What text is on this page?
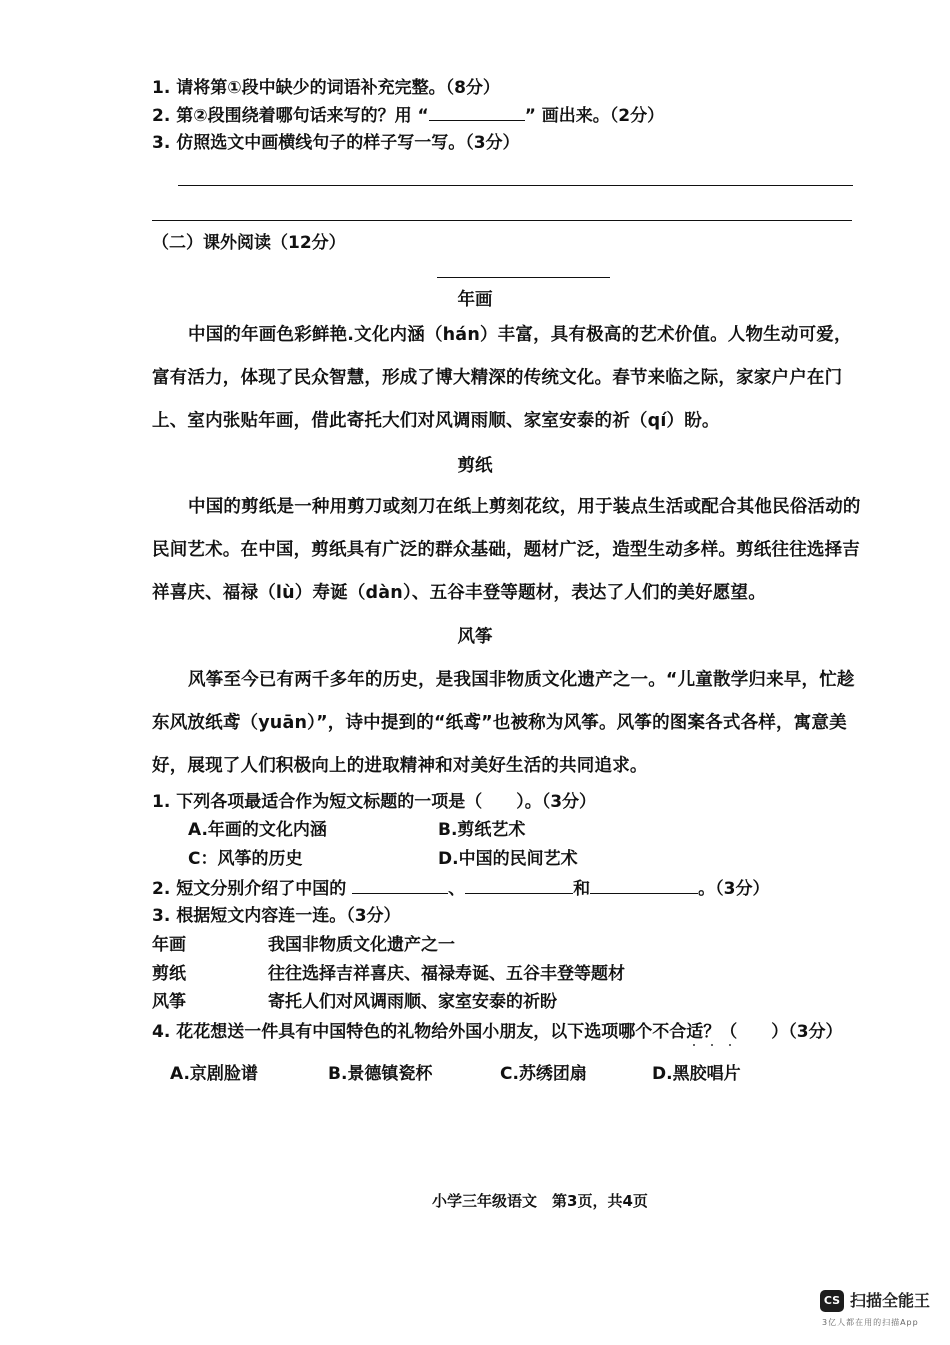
1. 请将第①段中缺少的词语补充完整。（8分）
2. 第②段围绕着哪句话来写的？用 “	” 画出来。（2分）
3. 仿照选文中画横线句子的样子写一写。（3分）
（二）课外阅读（12分）
年画
中国的年画色彩鲜艳.文化内涵（hán）丰富，具有极高的艺术价值。人物生动可爱，富有活力，体现了民众智慧，形成了博大精深的传统文化。春节来临之际，家家户户在门上、室内张贴年画，借此寄托大们对风调雨顺、家室安泰的祈（qí）盼。
剪纸
中国的剪纸是一种用剪刀或刻刀在纸上剪刻花纹，用于装点生活或配合其他民俗活动的民间艺术。在中国，剪纸具有广泛的群众基础，题材广泛，造型生动多样。剪纸往往选择吉祥喜庆、福禄（lù）寿诞（dàn）、五谷丰登等题材，表达了人们的美好愿望。
风筝
风筝至今已有两千多年的历史，是我国非物质文化遗产之一。“儿童散学归来早，忙趁东风放纸鸢（yuān）”，诗中提到的“纸鸢”也被称为风筝。风筝的图案各式各样，寓意美好，展现了人们积极向上的进取精神和对美好生活的共同追求。
1. 下列各项最适合作为短文标题的一项是（　　）。（3分）
A.年画的文化内涵	B.剪纸艺术
C：风筝的历史	D.中国的民间艺术
2. 短文分别介绍了中国的	、	和	。（3分）
3. 根据短文内容连一连。（3分）
年画	我国非物质文化遗产之一
剪纸	往往选择吉祥喜庆、福禄寿诞、五谷丰登等题材
风筝	寄托人们对风调雨顺、家室安泰的祈盼
4. 花花想送一件具有中国特色的礼物给外国小朋友，以下选项哪个不合适？（　　）（3分）
A.京剧脸谱	B.景德镇瓷杯	C.苏绣团扇	D.黑胶唱片
小学三年级语文　第3页，共4页
CS 扫描全能王
3亿人都在用的扫描App
